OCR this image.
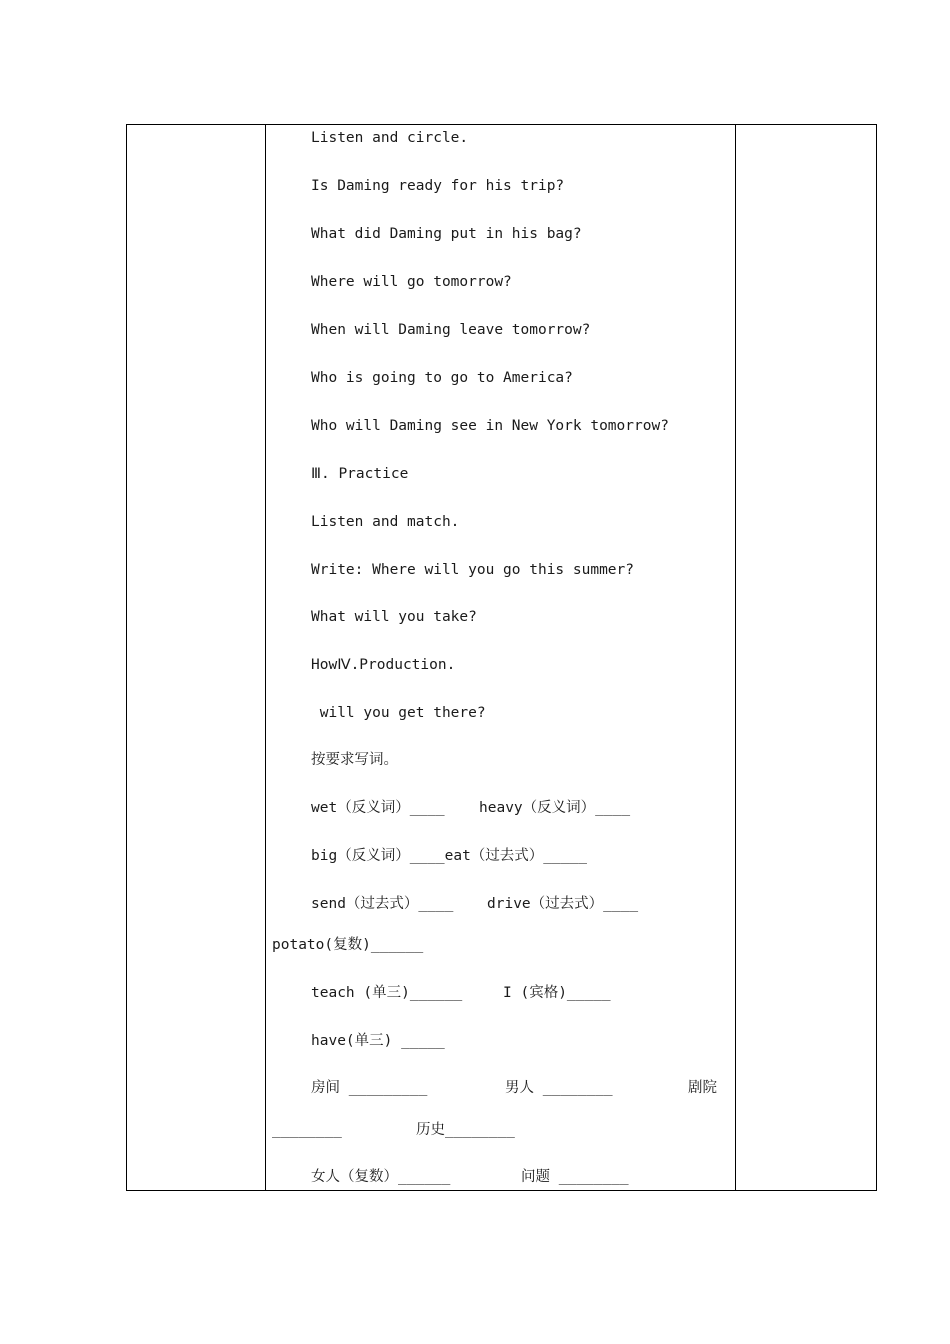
Listen and circle.
Is Daming ready for his trip?
What did Daming put in his bag?
Where will go tomorrow?
When will Daming leave tomorrow?
Who is going to go to America?
Who will Daming see in New York tomorrow?
Ⅲ. Practice
Listen and match.
Write: Where will you go this summer?
What will you take?
HowⅣ.Production.
will you get there?
按要求写词。
wet（反义词）____ heavy（反义词）____
big（反义词）____eat（过去式）_____
send（过去式）____ drive（过去式）____
potato(复数)______
teach (单三)______	I (宾格)_____
have(单三) _____
房间 _________	男人 ________	剧院
________	历史________
女人（复数）______	问题 ________
